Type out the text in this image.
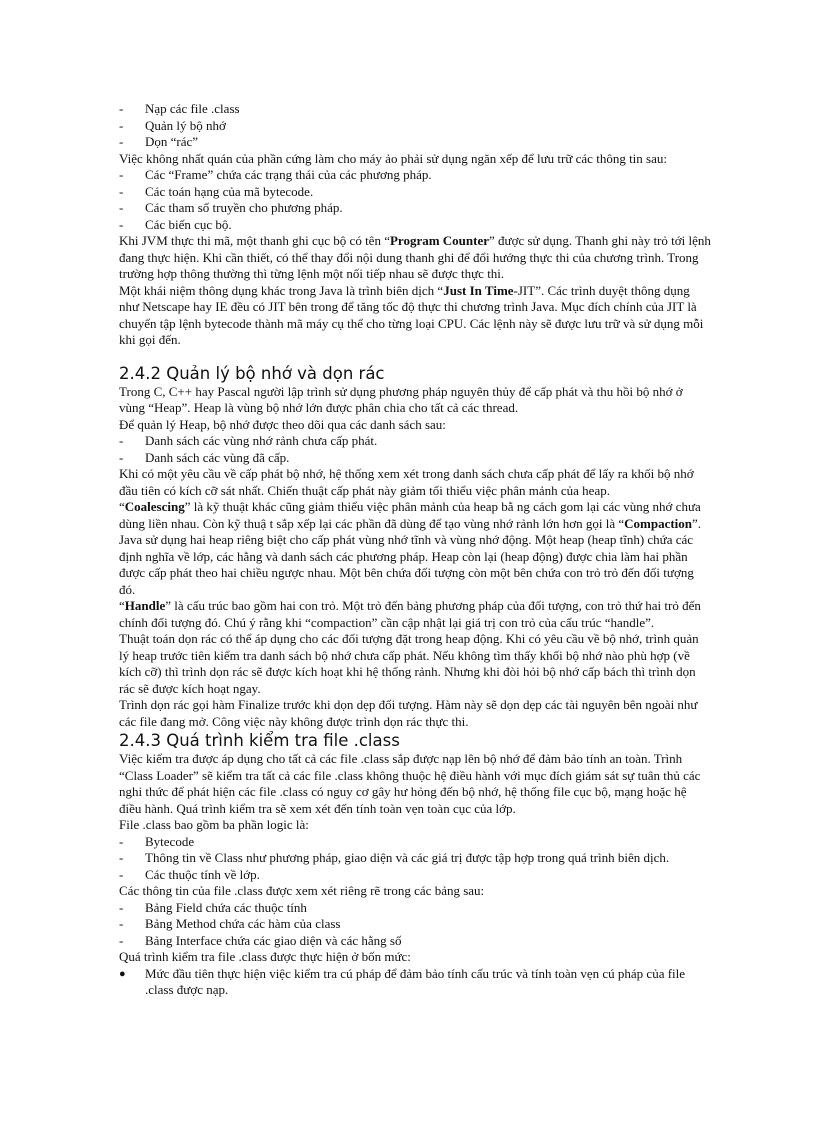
- Nạp các file .class
- Quản lý bộ nhớ
- Dọn “rác”

Việc không nhất quán của phần cứng làm cho máy ảo phải sử dụng ngăn xếp để lưu trữ các thông tin sau:

- Các “Frame” chứa các trạng thái của các phương pháp.
- Các toán hạng của mã bytecode.
- Các tham số truyền cho phương pháp.
- Các biến cục bộ.

Khi JVM thực thi mã, một thanh ghi cục bộ có tên “Program Counter” được sử dụng. Thanh ghi này trỏ tới lệnh đang thực hiện. Khi cần thiết, có thể thay đổi nội dung thanh ghi để đổi hướng thực thi của chương trình. Trong trường hợp thông thường thì từng lệnh một nối tiếp nhau sẽ được thực thi.

Một khái niệm thông dụng khác trong Java là trình biên dịch “Just In Time-JIT”. Các trình duyệt thông dụng như Netscape hay IE đều có JIT bên trong để tăng tốc độ thực thi chương trình Java. Mục đích chính của JIT là chuyển tập lệnh bytecode thành mã máy cụ thể cho từng loại CPU. Các lệnh này sẽ được lưu trữ và sử dụng mỗi khi gọi đến.

2.4.2 Quản lý bộ nhớ và dọn rác

Trong C, C++ hay Pascal người lập trình sử dụng phương pháp nguyên thủy để cấp phát và thu hồi bộ nhớ ở vùng “Heap”. Heap là vùng bộ nhớ lớn được phân chia cho tất cả các thread.

Để quản lý Heap, bộ nhớ được theo dõi qua các danh sách sau:

- Danh sách các vùng nhớ rảnh chưa cấp phát.
- Danh sách các vùng đã cấp.

Khi có một yêu cầu về cấp phát bộ nhớ, hệ thống xem xét trong danh sách chưa cấp phát để lấy ra khối bộ nhớ đầu tiên có kích cỡ sát nhất. Chiến thuật cấp phát này giảm tối thiểu việc phân mảnh của heap.

“Coalescing” là kỹ thuật khác cũng giảm thiểu việc phân mảnh của heap bằ ng cách gom lại các vùng nhớ chưa dùng liền nhau. Còn kỹ thuậ t sắp xếp lại các phần đã dùng để tạo vùng nhớ rảnh lớn hơn gọi là “Compaction”.

Java sử dụng hai heap riêng biệt cho cấp phát vùng nhớ tĩnh và vùng nhớ động. Một heap (heap tĩnh) chứa các định nghĩa về lớp, các hằng và danh sách các phương pháp. Heap còn lại (heap động) được chia làm hai phần được cấp phát theo hai chiều ngược nhau. Một bên chứa đối tượng còn một bên chứa con trỏ trỏ đến đối tượng đó.

“Handle” là cấu trúc bao gồm hai con trỏ. Một trỏ đến bảng phương pháp của đối tượng, con trỏ thứ hai trỏ đến chính đối tượng đó. Chú ý rằng khi “compaction” cần cập nhật lại giá trị con trỏ của cấu trúc “handle”.

Thuật toán dọn rác có thể áp dụng cho các đối tượng đặt trong heap động. Khi có yêu cầu về bộ nhớ, trình quản lý heap trước tiên kiểm tra danh sách bộ nhớ chưa cấp phát. Nếu không tìm thấy khối bộ nhớ nào phù hợp (về kích cỡ) thì trình dọn rác sẽ được kích hoạt khi hệ thống rảnh. Nhưng khi đòi hỏi bộ nhớ cấp bách thì trình dọn rác sẽ được kích hoạt ngay.

Trình dọn rác gọi hàm Finalize trước khi dọn dẹp đối tượng. Hàm này sẽ dọn dẹp các tài nguyên bên ngoài như các file đang mở. Công việc này không được trình dọn rác thực thi.

2.4.3 Quá trình kiểm tra file .class

Việc kiểm tra được áp dụng cho tất cả các file .class sắp được nạp lên bộ nhớ để đảm bảo tính an toàn. Trình “Class Loader” sẽ kiểm tra tất cả các file .class không thuộc hệ điều hành với mục đích giám sát sự tuân thủ các nghi thức để phát hiện các file .class có nguy cơ gây hư hỏng đến bộ nhớ, hệ thống file cục bộ, mạng hoặc hệ điều hành. Quá trình kiểm tra sẽ xem xét đến tính toàn vẹn toàn cục của lớp.

File .class bao gồm ba phần logic là:

- Bytecode
- Thông tin về Class như phương pháp, giao diện và các giá trị được tập hợp trong quá trình biên dịch.
- Các thuộc tính về lớp.

Các thông tin của file .class được xem xét riêng rẽ trong các bảng sau:

- Bảng Field chứa các thuộc tính
- Bảng Method chứa các hàm của class
- Bảng Interface chứa các giao diện và các hằng số

Quá trình kiểm tra file .class được thực hiện ở bốn mức:

● Mức đầu tiên thực hiện việc kiểm tra cú pháp để đảm bảo tính cấu trúc và tính toàn vẹn cú pháp của file .class được nạp.
